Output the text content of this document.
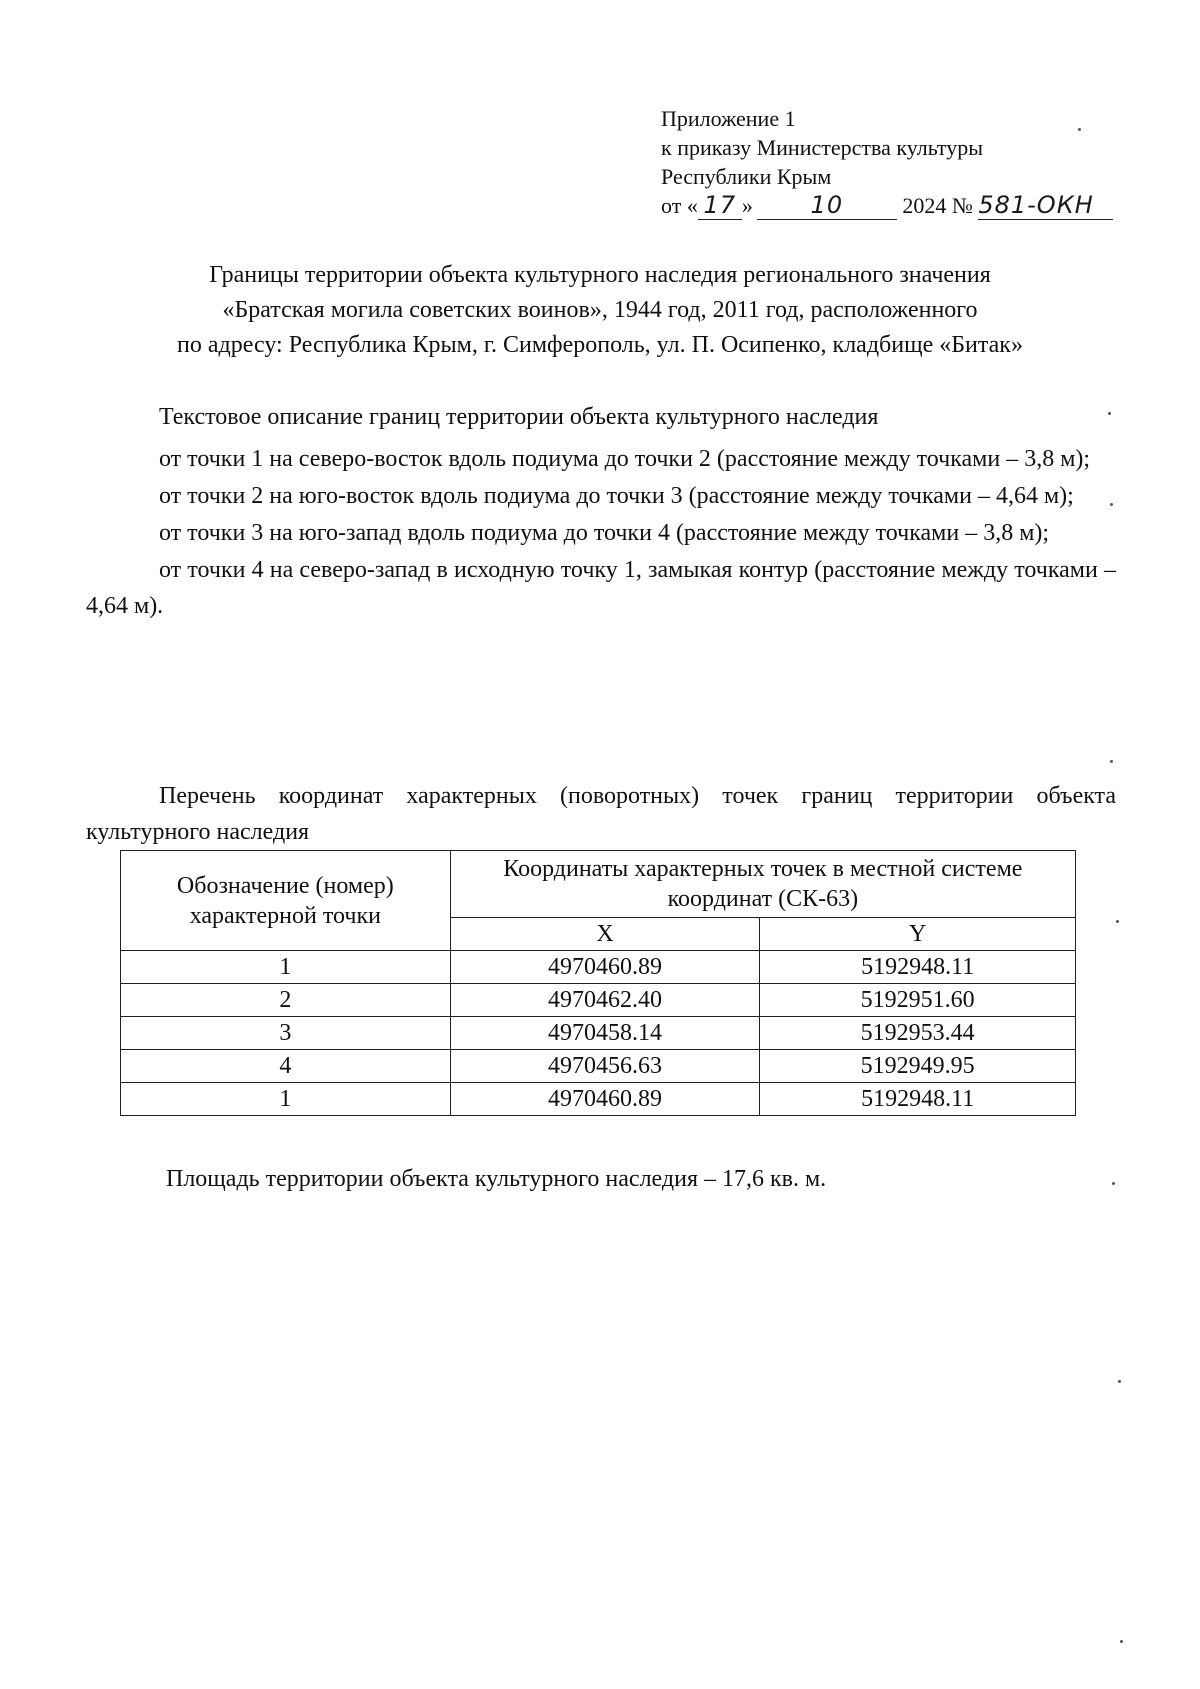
Приложение 1
к приказу Министерства культуры
Республики Крым
от « 17 » 10	2024 № 581-ОКН
Границы территории объекта культурного наследия регионального значения
«Братская могила советских воинов», 1944 год, 2011 год, расположенного
по адресу: Республика Крым, г. Симферополь, ул. П. Осипенко, кладбище «Битак»
Текстовое описание границ территории объекта культурного наследия

от точки 1 на северо-восток вдоль подиума до точки 2 (расстояние между точками – 3,8 м);

от точки 2 на юго-восток вдоль подиума до точки 3 (расстояние между точками – 4,64 м);

от точки 3 на юго-запад вдоль подиума до точки 4 (расстояние между точками – 3,8 м);

от точки 4 на северо-запад в исходную точку 1, замыкая контур (расстояние между точками – 4,64 м).

Перечень координат характерных (поворотных) точек границ территории объекта культурного наследия

Обозначение (номер) характерной точки	Координаты характерных точек в местной системе координат (СК-63)	
	X	Y
1	4970460.89	5192948.11
2	4970462.40	5192951.60
3	4970458.14	5192953.44
4	4970456.63	5192949.95
1	4970460.89	5192948.11
Площадь территории объекта культурного наследия – 17,6 кв. м.
